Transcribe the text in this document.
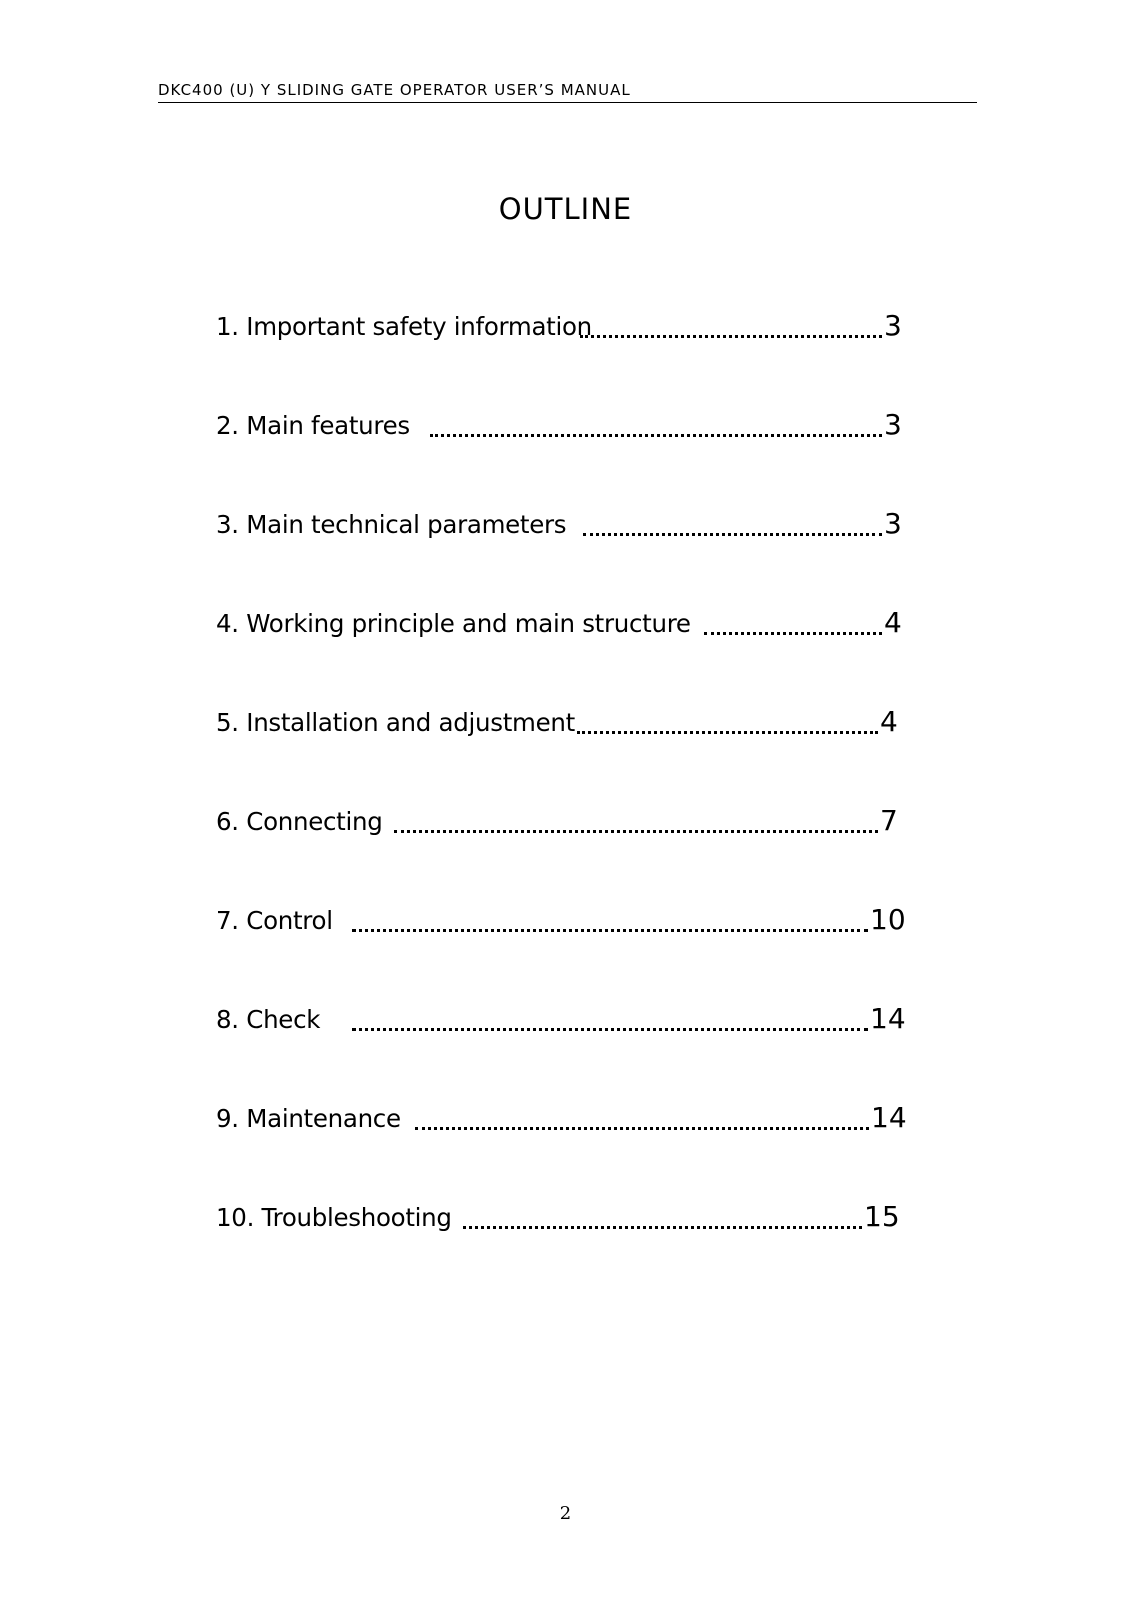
DKC400 (U) Y SLIDING GATE OPERATOR USER’S MANUAL
OUTLINE
1. Important safety information	3
2. Main features	3
3. Main technical parameters	3
4. Working principle and main structure	4
5. Installation and adjustment	4
6. Connecting	7
7. Control	10
8. Check	14
9. Maintenance	14
10. Troubleshooting	15
2
